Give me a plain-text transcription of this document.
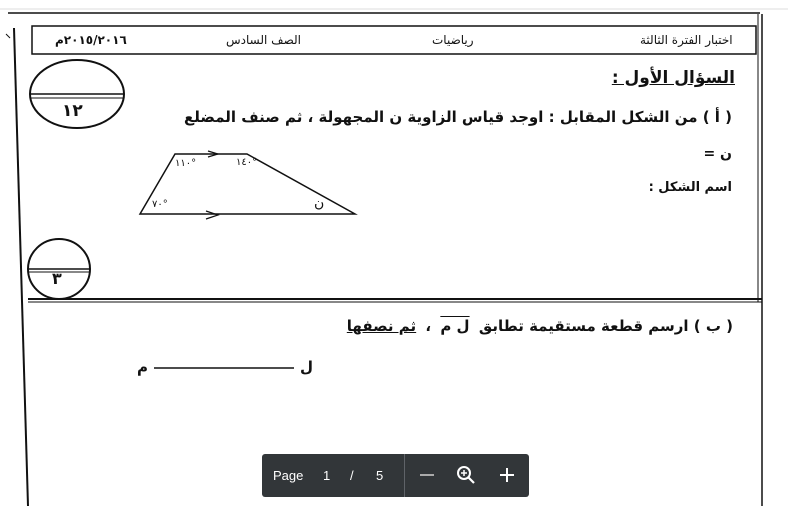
اختبار الفترة الثالثة
رياضيات
الصف السادس
٢٠١٥/٢٠١٦م
١٢
٣
السؤال الأول :
( أ ) من الشكل المقابل : اوجد قياس الزاوية ن المجهولة ، ثم صنف المضلع
ن =
اسم الشكل :
١١٠°	١٤٠°
٧٠°	ن
( ب ) ارسم قطعة مستقيمة تطابق ل م ، ثم نصفها
ل
م
Page 1 / 5
